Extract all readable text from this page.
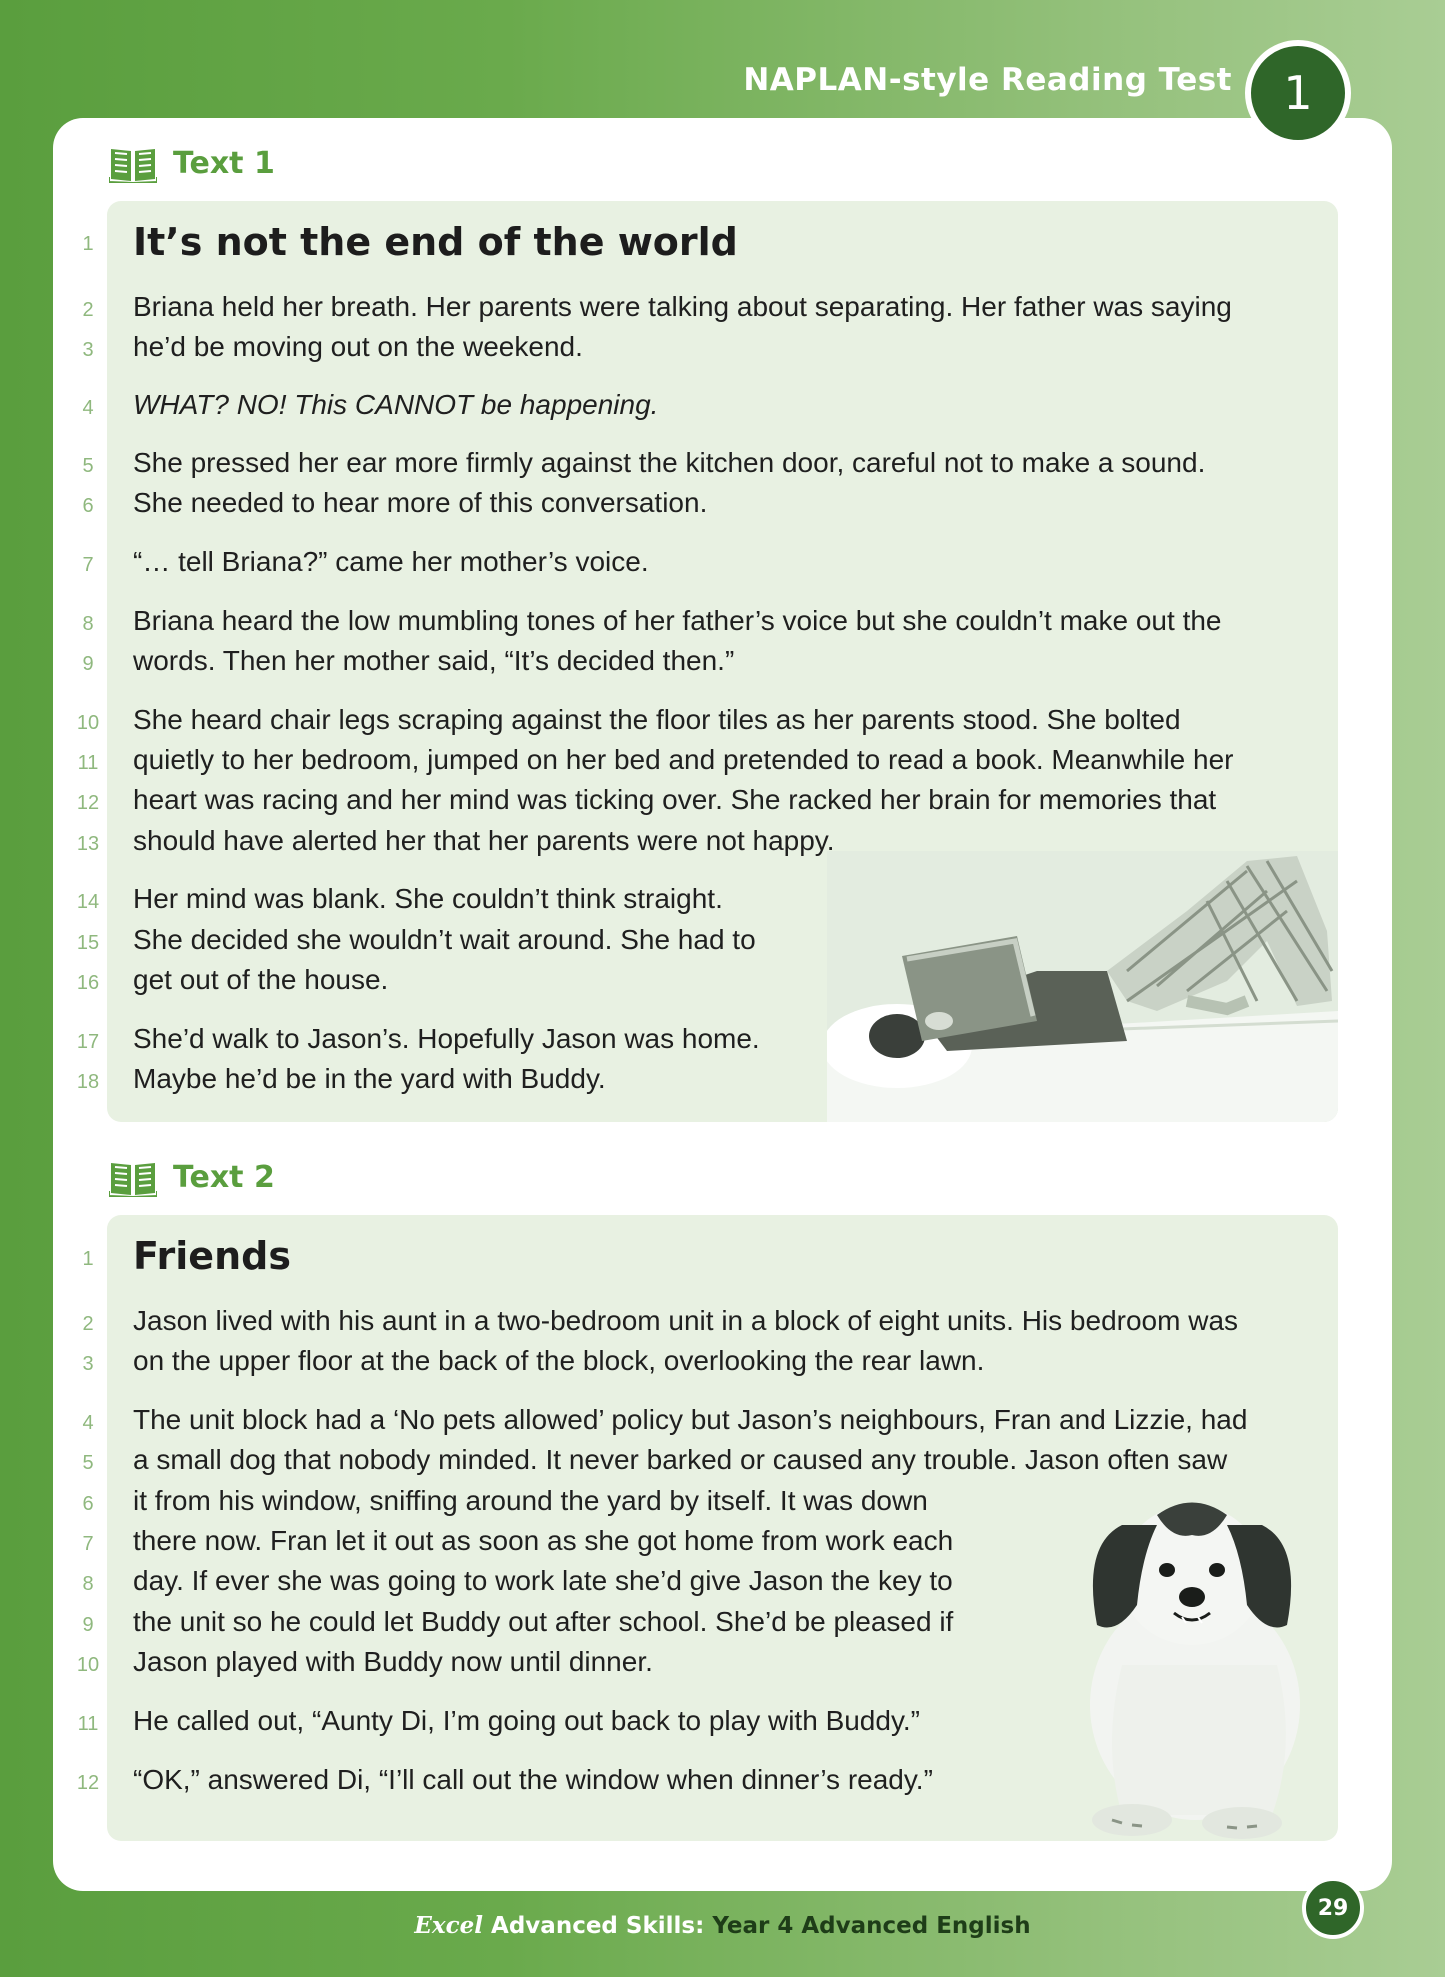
NAPLAN-style Reading Test	1
Text 1
1	It’s not the end of the world
2	Briana held her breath. Her parents were talking about separating. Her father was saying
3	he’d be moving out on the weekend.
4	WHAT? NO! This CANNOT be happening.
5	She pressed her ear more firmly against the kitchen door, careful not to make a sound.
6	She needed to hear more of this conversation.
7	“… tell Briana?” came her mother’s voice.
8	Briana heard the low mumbling tones of her father’s voice but she couldn’t make out the
9	words. Then her mother said, “It’s decided then.”
10	She heard chair legs scraping against the floor tiles as her parents stood. She bolted
11	quietly to her bedroom, jumped on her bed and pretended to read a book. Meanwhile her
12	heart was racing and her mind was ticking over. She racked her brain for memories that
13	should have alerted her that her parents were not happy.
14	Her mind was blank. She couldn’t think straight.
15	She decided she wouldn’t wait around. She had to
16	get out of the house.
17	She’d walk to Jason’s. Hopefully Jason was home.
18	Maybe he’d be in the yard with Buddy.
Text 2
1	Friends
2	Jason lived with his aunt in a two-bedroom unit in a block of eight units. His bedroom was
3	on the upper floor at the back of the block, overlooking the rear lawn.
4	The unit block had a ‘No pets allowed’ policy but Jason’s neighbours, Fran and Lizzie, had
5	a small dog that nobody minded. It never barked or caused any trouble. Jason often saw
6	it from his window, sniffing around the yard by itself. It was down
7	there now. Fran let it out as soon as she got home from work each
8	day. If ever she was going to work late she’d give Jason the key to
9	the unit so he could let Buddy out after school. She’d be pleased if
10	Jason played with Buddy now until dinner.
11	He called out, “Aunty Di, I’m going out back to play with Buddy.”
12	“OK,” answered Di, “I’ll call out the window when dinner’s ready.”
29
Excel Advanced Skills: Year 4 Advanced English
